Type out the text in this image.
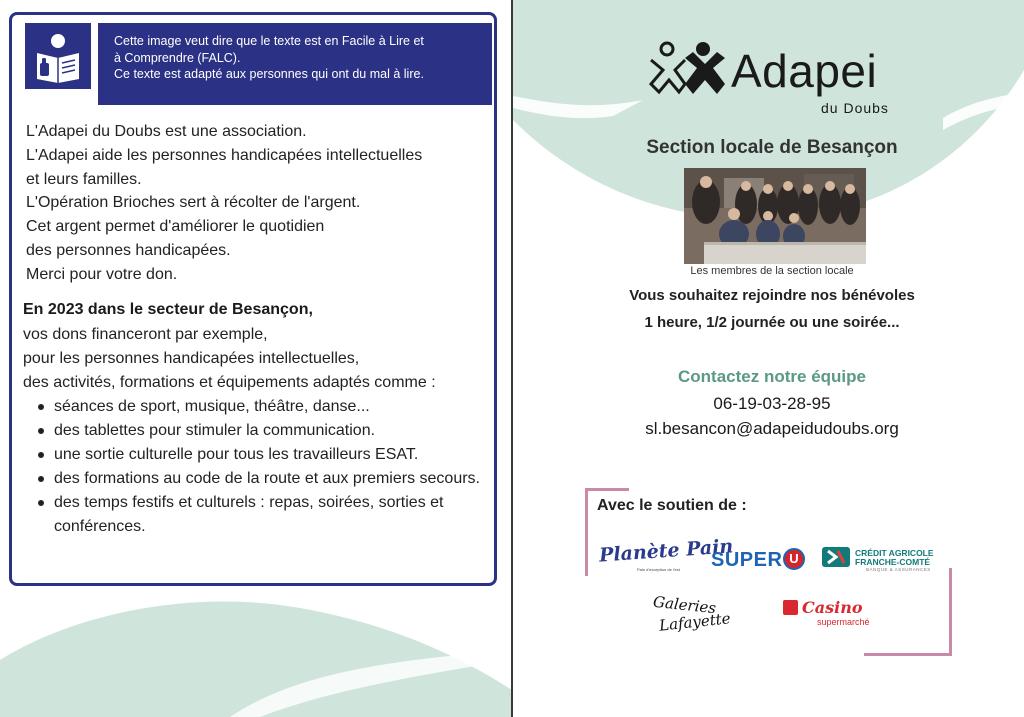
Cette image veut dire que le texte est en Facile à Lire et
à Comprendre (FALC).
Ce texte est adapté aux personnes qui ont du mal à lire.
L'Adapei du Doubs est une association.
L'Adapei aide les personnes handicapées intellectuelles
et leurs familles.
L'Opération Brioches sert à récolter de l'argent.
Cet argent permet d'améliorer le quotidien
des personnes handicapées.
Merci pour votre don.
En 2023 dans le secteur de Besançon,
vos dons financeront par exemple,
pour les personnes handicapées intellectuelles,
des activités, formations et équipements adaptés comme :
séances de sport, musique, théâtre, danse...
des tablettes pour stimuler la communication.
une sortie culturelle pour tous les travailleurs ESAT.
des formations au code de la route et aux premiers secours.
des temps festifs et culturels : repas, soirées, sorties et conférences.
Adapei
du Doubs
Section locale de Besançon
Les membres de la section locale
Vous souhaitez rejoindre nos bénévoles
1 heure, 1/2 journée ou une soirée...
Contactez notre équipe
06-19-03-28-95
sl.besancon@adapeidudoubs.org
Avec le soutien de :
Planète Pain
Pain d'exception de l'est SUPER U	CRÉDIT AGRICOLE
FRANCHE-COMTÉ
BANQUE & ASSURANCES
Galeries
Lafayette
Casino
supermarché
